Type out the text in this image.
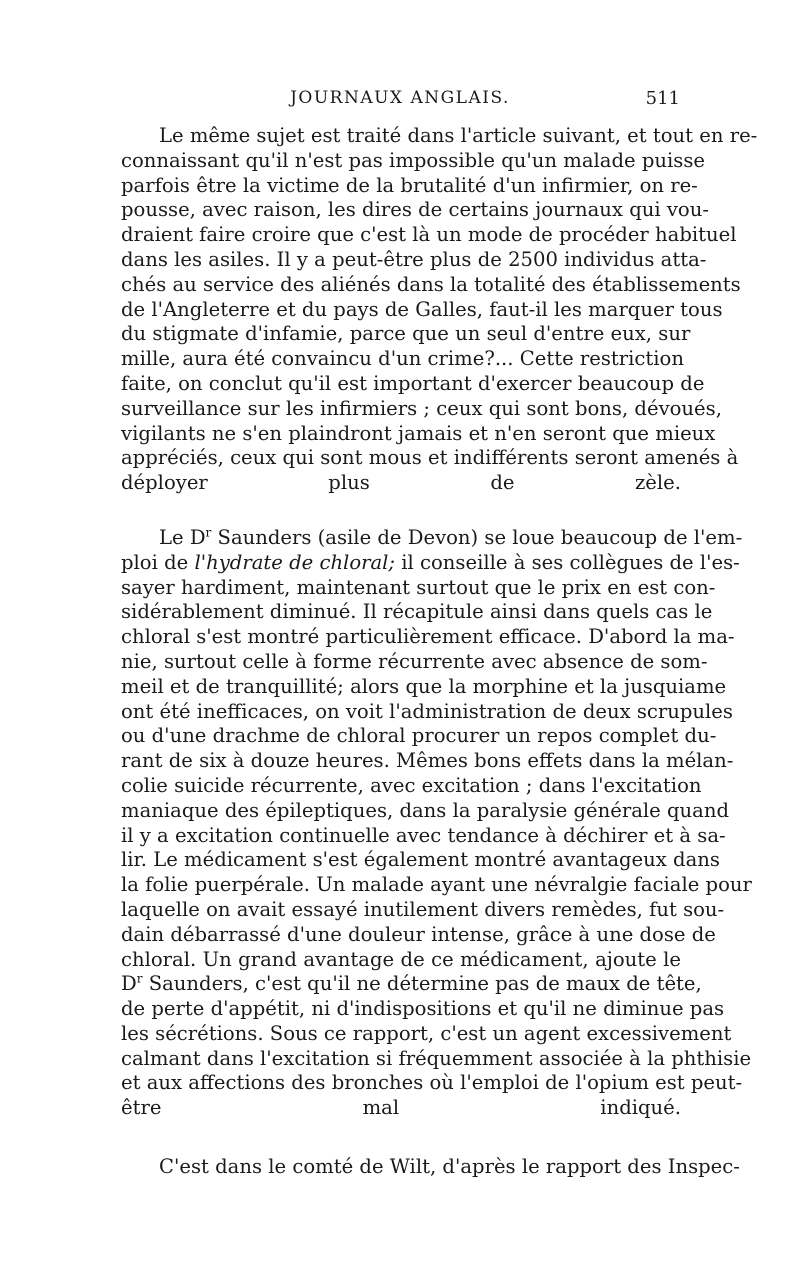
JOURNAUX ANGLAIS.	511
Le même sujet est traité dans l'article suivant, et tout en re-
connaissant qu'il n'est pas impossible qu'un malade puisse
parfois être la victime de la brutalité d'un infirmier, on re-
pousse, avec raison, les dires de certains journaux qui vou-
draient faire croire que c'est là un mode de procéder habituel
dans les asiles. Il y a peut-être plus de 2500 individus atta-
chés au service des aliénés dans la totalité des établissements
de l'Angleterre et du pays de Galles, faut-il les marquer tous
du stigmate d'infamie, parce que un seul d'entre eux, sur
mille, aura été convaincu d'un crime?... Cette restriction
faite, on conclut qu'il est important d'exercer beaucoup de
surveillance sur les infirmiers ; ceux qui sont bons, dévoués,
vigilants ne s'en plaindront jamais et n'en seront que mieux
appréciés, ceux qui sont mous et indifférents seront amenés à
déployer plus de zèle.
Le $D^r$ Saunders (asile de Devon) se loue beaucoup de l'em-
ploi de l'hydrate de chloral; il conseille à ses collègues de l'es-
sayer hardiment, maintenant surtout que le prix en est con-
sidérablement diminué. Il récapitule ainsi dans quels cas le
chloral s'est montré particulièrement efficace. D'abord la ma-
nie, surtout celle à forme récurrente avec absence de som-
meil et de tranquillité; alors que la morphine et la jusquiame
ont été inefficaces, on voit l'administration de deux scrupules
ou d'une drachme de chloral procurer un repos complet du-
rant de six à douze heures. Mêmes bons effets dans la mélan-
colie suicide récurrente, avec excitation ; dans l'excitation
maniaque des épileptiques, dans la paralysie générale quand
il y a excitation continuelle avec tendance à déchirer et à sa-
lir. Le médicament s'est également montré avantageux dans
la folie puerpérale. Un malade ayant une névralgie faciale pour
laquelle on avait essayé inutilement divers remèdes, fut sou-
dain débarrassé d'une douleur intense, grâce à une dose de
chloral. Un grand avantage de ce médicament, ajoute le
$D^r$ Saunders, c'est qu'il ne détermine pas de maux de tête,
de perte d'appétit, ni d'indispositions et qu'il ne diminue pas
les sécrétions. Sous ce rapport, c'est un agent excessivement
calmant dans l'excitation si fréquemment associée à la phthisie
et aux affections des bronches où l'emploi de l'opium est peut-
être mal indiqué.
C'est dans le comté de Wilt, d'après le rapport des Inspec-
